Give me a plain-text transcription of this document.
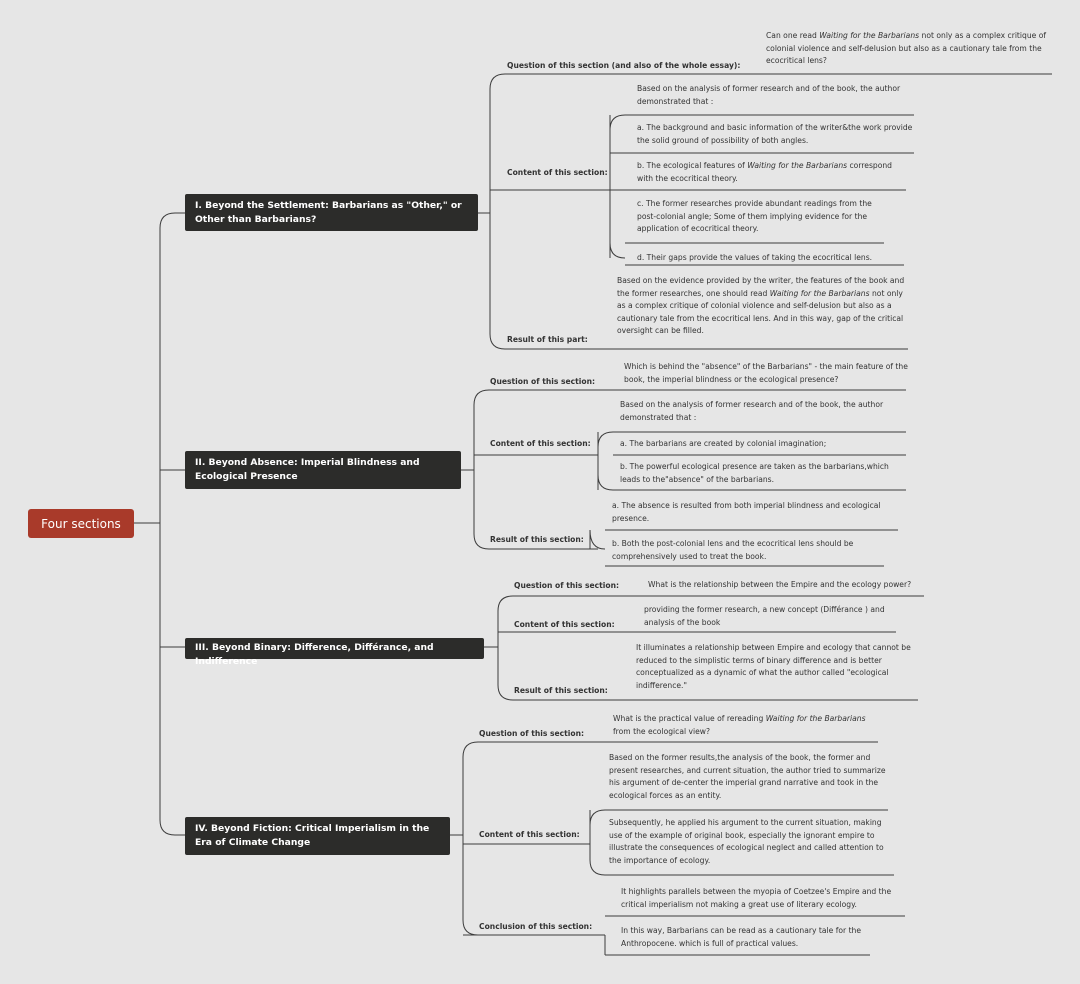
Four sections
I. Beyond the Settlement: Barbarians as "Other," or Other than Barbarians?
II. Beyond Absence: Imperial Blindness and Ecological Presence
III. Beyond Binary: Difference, Différance, and Indifference
IV. Beyond Fiction: Critical Imperialism in the Era of Climate Change
Question of this section (and also of the whole essay):
Can one read Waiting for the Barbarians not only as a complex critique of colonial violence and self-delusion but also as a cautionary tale from the ecocritical lens?
Content of this section:
Based on the analysis of former research and of the book, the author demonstrated that :
a. The background and basic information of the writer&the work provide the solid ground of possibility of both angles.
b. The ecological features of Waiting for the Barbarians correspond with the ecocritical theory.
c. The former researches provide abundant readings from the post-colonial angle; Some of them implying evidence for the application of ecocritical theory.
d. Their gaps provide the values of taking the ecocritical lens.
Result of this part:
Based on the evidence provided by the writer, the features of the book and the former researches, one should read Waiting for the Barbarians not only as a complex critique of colonial violence and self-delusion but also as a cautionary tale from the ecocritical lens. And in this way, gap of the critical oversight can be filled.
Question of this section:
Which is behind the "absence" of the Barbarians" - the main feature of the book, the imperial blindness or the ecological presence?
Content of this section:
Based on the analysis of former research and of the book, the author demonstrated that :
a. The barbarians are created by colonial imagination;
b. The powerful ecological presence are taken as the barbarians,which leads to the"absence" of the barbarians.
Result of this section:
a. The absence is resulted from both imperial blindness and ecological presence.
b. Both the post-colonial lens and the ecocritical lens should be comprehensively used to treat the book.
Question of this section:	What is the relationship between the Empire and the ecology power?
Content of this section:
providing the former research, a new concept (Différance ) and analysis of the book
Result of this section:
It illuminates a relationship between Empire and ecology that cannot be reduced to the simplistic terms of binary difference and is better conceptualized as a dynamic of what the author called "ecological indifference."
Question of this section:
What is the practical value of rereading Waiting for the Barbarians from the ecological view?
Content of this section:
Based on the former results,the analysis of the book, the former and present researches, and current situation, the author tried to summarize his argument of de-center the imperial grand narrative and took in the ecological forces as an entity.
Subsequently, he applied his argument to the current situation, making use of the example of original book, especially the ignorant empire to illustrate the consequences of ecological neglect and called attention to the importance of ecology.
Conclusion of this section:
It highlights parallels between the myopia of Coetzee's Empire and the critical imperialism not making a great use of literary ecology.
In this way, Barbarians can be read as a cautionary tale for the Anthropocene. which is full of practical values.
